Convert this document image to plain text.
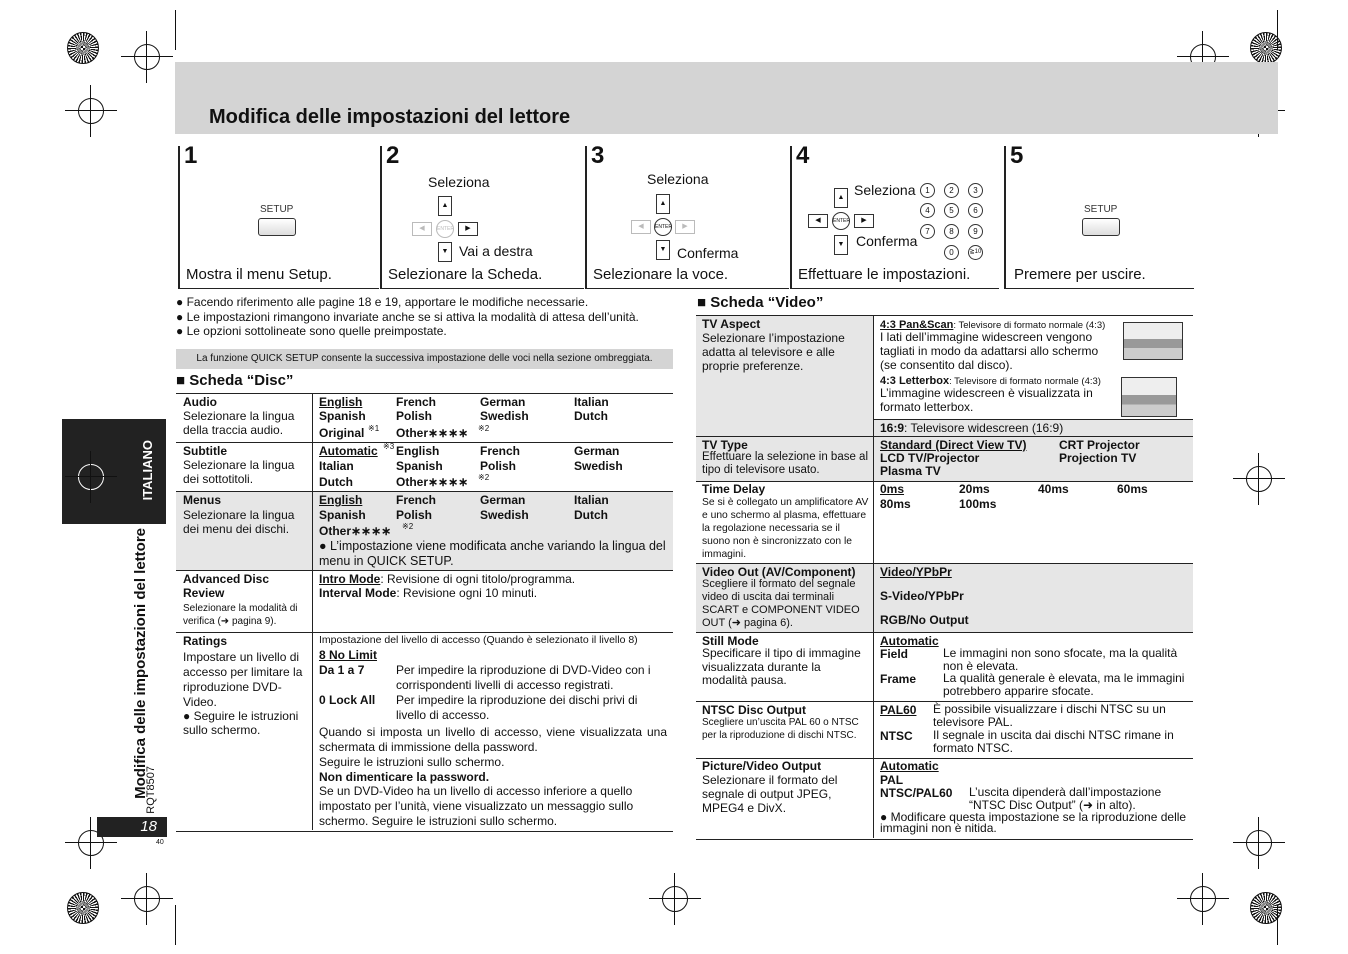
Modifica delle impostazioni del lettore
1
SETUP
Mostra il menu Setup.
2
Seleziona
▲
◀	ENTER	▶
▼ Vai a destra
Selezionare la Scheda.
3
Seleziona
▲
◀	ENTER	▶
▼ Conferma
Selezionare la voce.
4
▲ Seleziona
◀	ENTER	▶
▼ Conferma
1	2	3
4	5	6
7	8	9
0	≧10
Effettuare le impostazioni.
5
SETUP
Premere per uscire.
● Facendo riferimento alle pagine 18 e 19, apportare le modifiche necessarie.
● Le impostazioni rimangono invariate anche se si attiva la modalità di attesa dell’unità.
● Le opzioni sottolineate sono quelle preimpostate.
La funzione QUICK SETUP consente la successiva impostazione delle voci nella sezione ombreggiata.
■ Scheda “Disc”
Audio
Selezionare la lingua della traccia audio.
English	French	German	Italian
Spanish	Polish	Swedish	Dutch
Original ※1 Other∗∗∗∗ ※2
Subtitle
Selezionare la lingua dei sottotitoli.
Automatic ※3 English	French	German
Italian	Spanish	Polish	Swedish
Dutch	Other∗∗∗∗ ※2
Menus
Selezionare la lingua dei menu dei dischi.
English	French	German	Italian
Spanish	Polish	Swedish	Dutch
Other∗∗∗∗ ※2
● L’impostazione viene modificata anche variando la lingua del menu in QUICK SETUP.
Advanced Disc Review
Selezionare la modalità di verifica (➜ pagina 9).
Intro Mode: Revisione di ogni titolo/programma.
Interval Mode: Revisione ogni 10 minuti.
Ratings
Impostare un livello di accesso per limitare la riproduzione DVD-Video.
● Seguire le istruzioni sullo schermo.
Impostazione del livello di accesso (Quando è selezionato il livello 8)
8 No Limit
Da 1 a 7	Per impedire la riproduzione di DVD-Video con i corrispondenti livelli di accesso registrati.
0 Lock All Per impedire la riproduzione dei dischi privi di livello di accesso.
Quando si imposta un livello di accesso, viene visualizzata una schermata di immissione della password.
Seguire le istruzioni sullo schermo.
Non dimenticare la password.
Se un DVD-Video ha un livello di accesso inferiore a quello impostato per l’unità, viene visualizzato un messaggio sullo schermo. Seguire le istruzioni sullo schermo.
■ Scheda “Video”
TV Aspect
Selezionare l’impostazione adatta al televisore e alle proprie preferenze.
4:3 Pan&Scan: Televisore di formato normale (4:3)
I lati dell’immagine widescreen vengono tagliati in modo da adattarsi allo schermo (se consentito dal disco).
4:3 Letterbox: Televisore di formato normale (4:3)
L’immagine widescreen è visualizzata in formato letterbox.
16:9: Televisore widescreen (16:9)
TV Type
Effettuare la selezione in base al tipo di televisore usato.
Standard (Direct View TV)	CRT Projector
LCD TV/Projector	Projection TV
Plasma TV
Time Delay
Se si è collegato un amplificatore AV e uno schermo al plasma, effettuare la regolazione necessaria se il suono non è sincronizzato con le immagini.
0ms	20ms	40ms	60ms
80ms	100ms
Video Out (AV/Component)
Scegliere il formato del segnale video di uscita dai terminali SCART e COMPONENT VIDEO OUT (➜ pagina 6).
Video/YPbPr
S-Video/YPbPr
RGB/No Output
Still Mode
Specificare il tipo di immagine visualizzata durante la modalità pausa.
Automatic
Field	Le immagini non sono sfocate, ma la qualità non è elevata.
Frame La qualità generale è elevata, ma le immagini potrebbero apparire sfocate.
NTSC Disc Output
Scegliere un’uscita PAL 60 o NTSC per la riproduzione di dischi NTSC.
PAL60 È possibile visualizzare i dischi NTSC su un televisore PAL.
NTSC Il segnale in uscita dai dischi NTSC rimane in formato NTSC.
Picture/Video Output
Selezionare il formato del segnale di output JPEG, MPEG4 e DivX.
Automatic
PAL
NTSC/PAL60 L’uscita dipenderà dall’impostazione “NTSC Disc Output” (➜ in alto).
● Modificare questa impostazione se la riproduzione delle immagini non è nitida.
ITALIANO
Modifica delle impostazioni del lettore
RQT8507
18
40
